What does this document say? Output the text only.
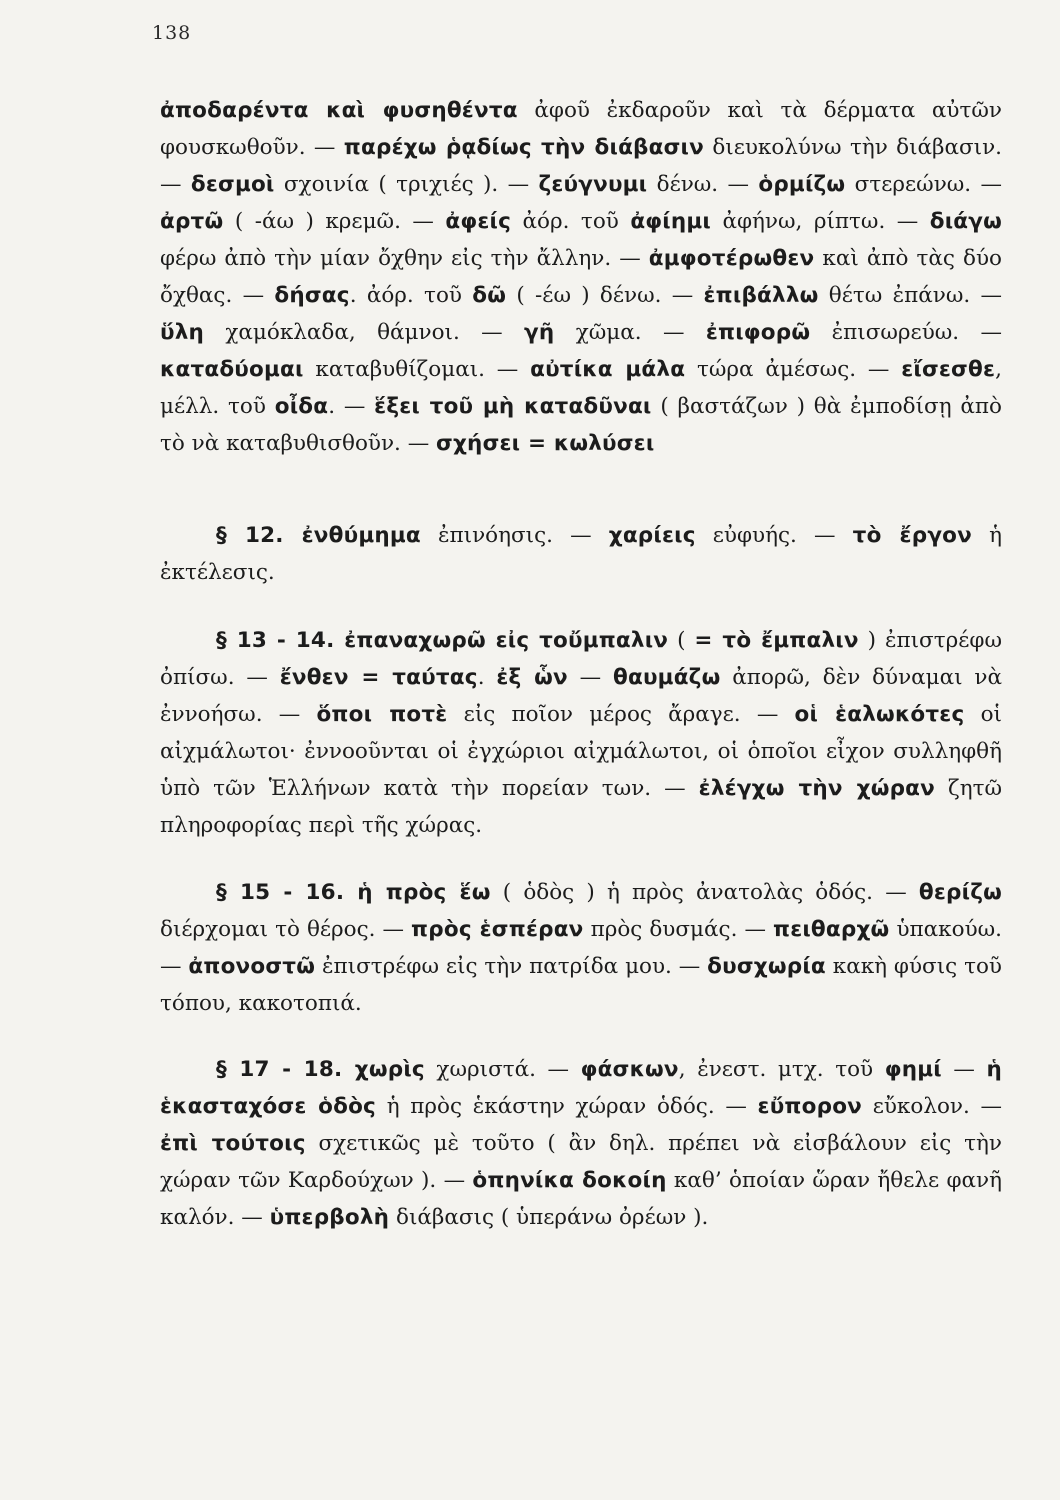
138
ἀποδαρέντα καὶ φυσηθέντα ἀφοῦ ἐκδαροῦν καὶ τὰ δέρματα αὐτῶν φουσκωθοῦν. — παρέχω ῥᾳδίως τὴν διάβασιν διευκολύνω τὴν διάβασιν. — δεσμοὶ σχοινία ( τριχιές ). — ζεύγνυμι δένω. — ὁρμίζω στερεώνω. — ἀρτῶ ( -άω ) κρεμῶ. — ἀφείς ἀόρ. τοῦ ἀφίημι ἀφήνω, ρίπτω. — διάγω φέρω ἀπὸ τὴν μίαν ὄχθην εἰς τὴν ἄλλην. — ἀμφοτέρωθεν καὶ ἀπὸ τὰς δύο ὄχθας. — δήσας. ἀόρ. τοῦ δῶ ( -έω ) δένω. — ἐπιβάλλω θέτω ἐπάνω. — ὕλη χαμόκλαδα, θάμνοι. — γῆ χῶμα. — ἐπιφορῶ ἐπισωρεύω. — καταδύομαι καταβυθίζομαι. — αὐτίκα μάλα τώρα ἀμέσως. — εἴσεσθε, μέλλ. τοῦ οἶδα. — ἕξει τοῦ μὴ καταδῦναι ( βαστάζων ) θὰ ἐμποδίσῃ ἀπὸ τὸ νὰ καταβυθισθοῦν. — σχήσει = κωλύσει
§ 12. ἐνθύμημα ἐπινόησις. — χαρίεις εὐφυής. — τὸ ἔργον ἡ ἐκτέλεσις.
§ 13 - 14. ἐπαναχωρῶ εἰς τοὔμπαλιν ( = τὸ ἔμπαλιν ) ἐπιστρέφω ὀπίσω. — ἔνθεν = ταύτας. ἐξ ὧν — θαυμάζω ἀπορῶ, δὲν δύναμαι νὰ ἐννοήσω. — ὅποι ποτὲ εἰς ποῖον μέρος ἄραγε. — οἱ ἑαλωκότες οἱ αἰχμάλωτοι· ἐννοοῦνται οἱ ἐγχώριοι αἰχμάλωτοι, οἱ ὁποῖοι εἶχον συλληφθῆ ὑπὸ τῶν Ἑλλήνων κατὰ τὴν πορείαν των. — ἐλέγχω τὴν χώραν ζητῶ πληροφορίας περὶ τῆς χώρας.
§ 15 - 16. ἡ πρὸς ἕω ( ὁδὸς ) ἡ πρὸς ἀνατολὰς ὁδός. — θερίζω διέρχομαι τὸ θέρος. — πρὸς ἑσπέραν πρὸς δυσμάς. — πειθαρχῶ ὑπακούω. — ἀπονοστῶ ἐπιστρέφω εἰς τὴν πατρίδα μου. — δυσχωρία κακὴ φύσις τοῦ τόπου, κακοτοπιά.
§ 17 - 18. χωρὶς χωριστά. — φάσκων, ἐνεστ. μτχ. τοῦ φημί — ἡ ἑκασταχόσε ὁδὸς ἡ πρὸς ἑκάστην χώραν ὁδός. — εὔπορον εὔκολον. — ἐπὶ τούτοις σχετικῶς μὲ τοῦτο ( ἂν δηλ. πρέπει νὰ εἰσβάλουν εἰς τὴν χώραν τῶν Καρδούχων ). — ὁπηνίκα δοκοίη καθ’ ὁποίαν ὥραν ἤθελε φανῆ καλόν. — ὑπερβολὴ διάβασις ( ὑπεράνω ὀρέων ).
